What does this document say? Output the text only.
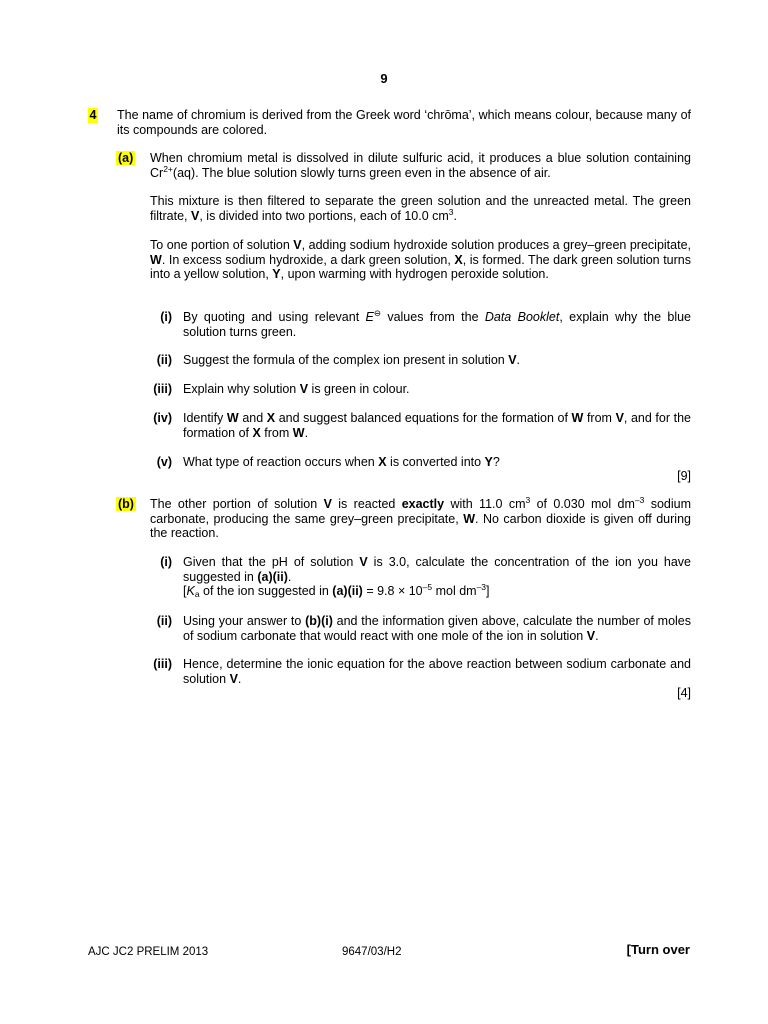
9
4 The name of chromium is derived from the Greek word ‘chrōma’, which means colour, because many of its compounds are colored.
(a) When chromium metal is dissolved in dilute sulfuric acid, it produces a blue solution containing $Cr^{2+}(aq)$. The blue solution slowly turns green even in the absence of air.
This mixture is then filtered to separate the green solution and the unreacted metal. The green filtrate, V, is divided into two portions, each of 10.0 $cm^3$.
To one portion of solution V, adding sodium hydroxide solution produces a grey–green precipitate, W. In excess sodium hydroxide, a dark green solution, X, is formed. The dark green solution turns into a yellow solution, Y, upon warming with hydrogen peroxide solution.
(i) By quoting and using relevant E⊖ values from the Data Booklet, explain why the blue solution turns green.
(ii) Suggest the formula of the complex ion present in solution V.
(iii) Explain why solution V is green in colour.
(iv) Identify W and X and suggest balanced equations for the formation of W from V, and for the formation of X from W.
(v) What type of reaction occurs when X is converted into Y?
[9]
(b) The other portion of solution V is reacted exactly with 11.0 $cm^3$ of 0.030 mol $dm^{-3}$ sodium carbonate, producing the same grey–green precipitate, W. No carbon dioxide is given off during the reaction.
(i) Given that the pH of solution V is 3.0, calculate the concentration of the ion you have suggested in (a)(ii).
[$K_a$ of the ion suggested in $(a)(ii) = 9.8 \times 10^{-5}$ mol $dm^{-3}$]
(ii) Using your answer to (b)(i) and the information given above, calculate the number of moles of sodium carbonate that would react with one mole of the ion in solution V.
(iii) Hence, determine the ionic equation for the above reaction between sodium carbonate and solution V.
[4]
AJC JC2 PRELIM 2013	9647/03/H2	[Turn over
